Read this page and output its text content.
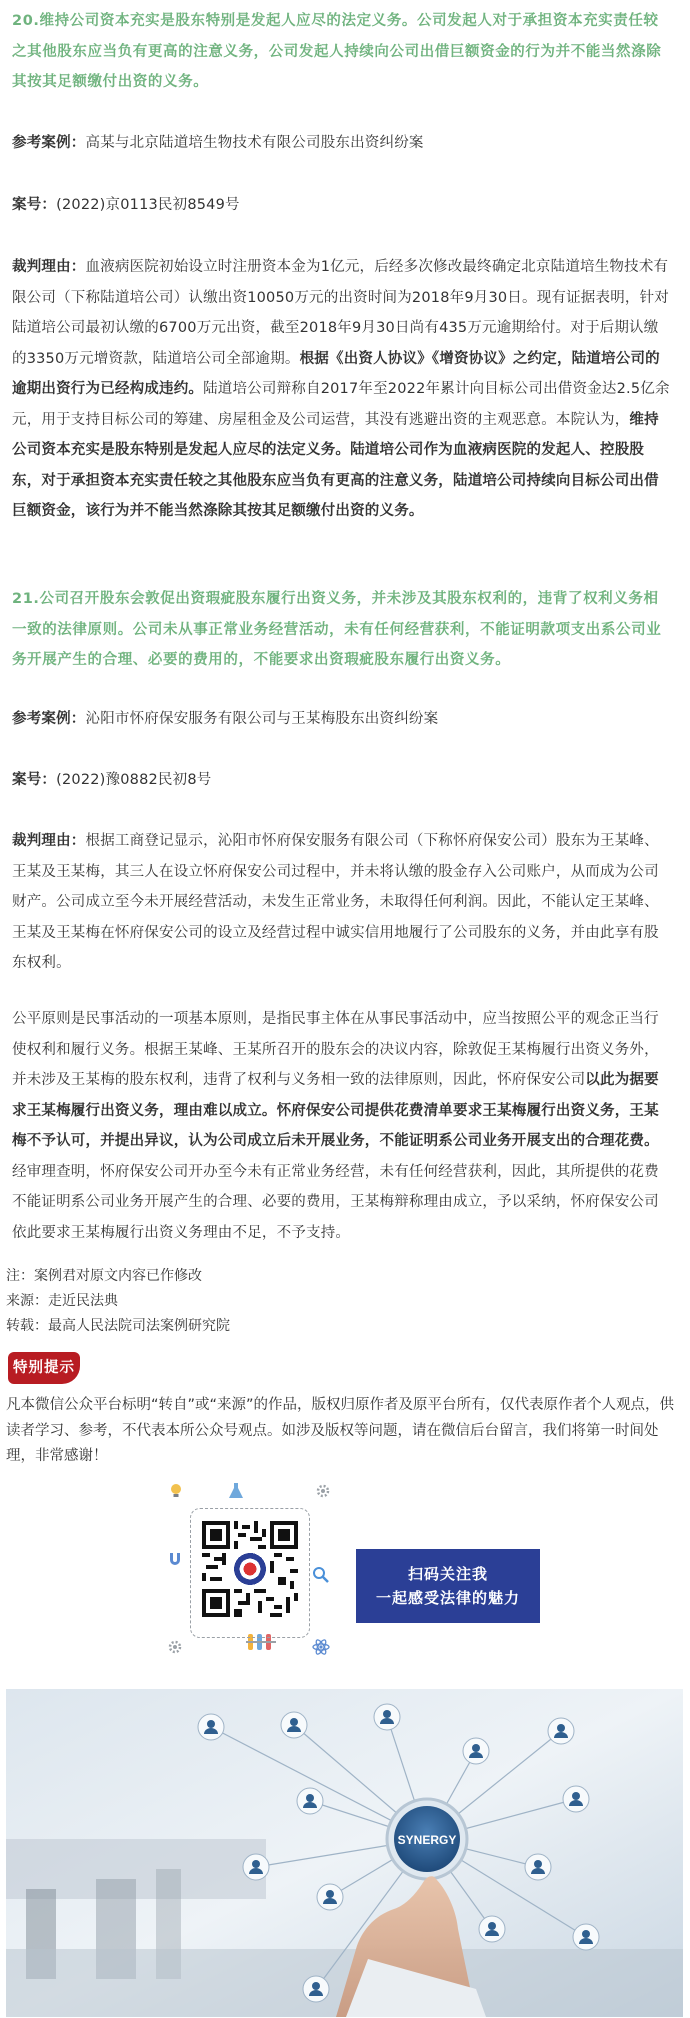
20.维持公司资本充实是股东特别是发起人应尽的法定义务。公司发起人对于承担资本充实责任较之其他股东应当负有更高的注意义务，公司发起人持续向公司出借巨额资金的行为并不能当然涤除其按其足额缴付出资的义务。

参考案例：高某与北京陆道培生物技术有限公司股东出资纠纷案

案号：(2022)京0113民初8549号

裁判理由：血液病医院初始设立时注册资本金为1亿元，后经多次修改最终确定北京陆道培生物技术有限公司（下称陆道培公司）认缴出资10050万元的出资时间为2018年9月30日。现有证据表明，针对陆道培公司最初认缴的6700万元出资，截至2018年9月30日尚有435万元逾期给付。对于后期认缴的3350万元增资款，陆道培公司全部逾期。根据《出资人协议》《增资协议》之约定，陆道培公司的逾期出资行为已经构成违约。陆道培公司辩称自2017年至2022年累计向目标公司出借资金达2.5亿余元，用于支持目标公司的筹建、房屋租金及公司运营，其没有逃避出资的主观恶意。本院认为，维持公司资本充实是股东特别是发起人应尽的法定义务。陆道培公司作为血液病医院的发起人、控股股东，对于承担资本充实责任较之其他股东应当负有更高的注意义务，陆道培公司持续向目标公司出借巨额资金，该行为并不能当然涤除其按其足额缴付出资的义务。

21.公司召开股东会敦促出资瑕疵股东履行出资义务，并未涉及其股东权利的，违背了权利义务相一致的法律原则。公司未从事正常业务经营活动，未有任何经营获利，不能证明款项支出系公司业务开展产生的合理、必要的费用的，不能要求出资瑕疵股东履行出资义务。

参考案例：沁阳市怀府保安服务有限公司与王某梅股东出资纠纷案

案号：(2022)豫0882民初8号

裁判理由：根据工商登记显示，沁阳市怀府保安服务有限公司（下称怀府保安公司）股东为王某峰、王某及王某梅，其三人在设立怀府保安公司过程中，并未将认缴的股金存入公司账户，从而成为公司财产。公司成立至今未开展经营活动，未发生正常业务，未取得任何利润。因此，不能认定王某峰、王某及王某梅在怀府保安公司的设立及经营过程中诚实信用地履行了公司股东的义务，并由此享有股东权利。

公平原则是民事活动的一项基本原则，是指民事主体在从事民事活动中，应当按照公平的观念正当行使权利和履行义务。根据王某峰、王某所召开的股东会的决议内容，除敦促王某梅履行出资义务外，并未涉及王某梅的股东权利，违背了权利与义务相一致的法律原则，因此，怀府保安公司以此为据要求王某梅履行出资义务，理由难以成立。怀府保安公司提供花费清单要求王某梅履行出资义务，王某梅不予认可，并提出异议，认为公司成立后未开展业务，不能证明系公司业务开展支出的合理花费。经审理查明，怀府保安公司开办至今未有正常业务经营，未有任何经营获利，因此，其所提供的花费不能证明系公司业务开展产生的合理、必要的费用，王某梅辩称理由成立，予以采纳，怀府保安公司依此要求王某梅履行出资义务理由不足，不予支持。

注：案例君对原文内容已作修改

来源：走近民法典

转载：最高人民法院司法案例研究院

特别提示

凡本微信公众平台标明“转自”或“来源”的作品，版权归原作者及原平台所有，仅代表原作者个人观点，供读者学习、参考，不代表本所公众号观点。如涉及版权等问题，请在微信后台留言，我们将第一时间处理，非常感谢！

扫码关注我
一起感受法律的魅力
SYNERGY
